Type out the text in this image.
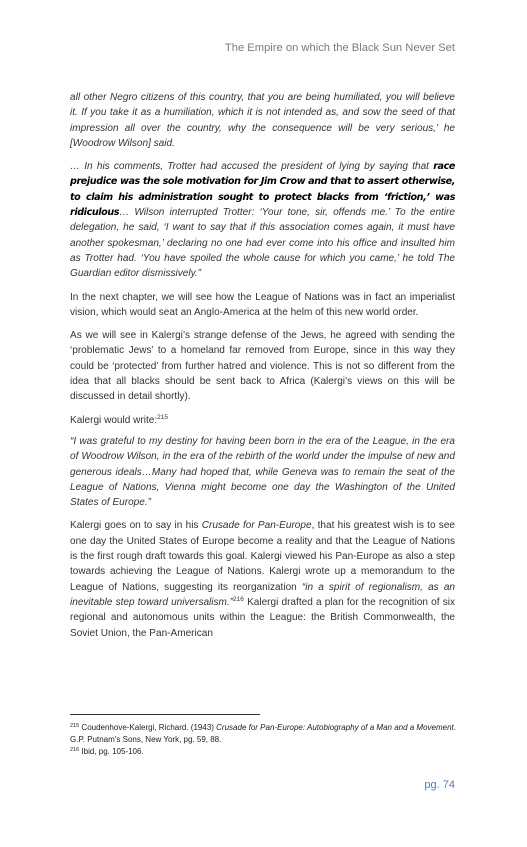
The Empire on which the Black Sun Never Set

all other Negro citizens of this country, that you are being humiliated, you will believe it. If you take it as a humiliation, which it is not intended as, and sow the seed of that impression all over the country, why the consequence will be very serious,’ he [Woodrow Wilson] said.

… In his comments, Trotter had accused the president of lying by saying that race prejudice was the sole motivation for Jim Crow and that to assert otherwise, to claim his administration sought to protect blacks from ‘friction,’ was ridiculous… Wilson interrupted Trotter: ‘Your tone, sir, offends me.’ To the entire delegation, he said, ‘I want to say that if this association comes again, it must have another spokesman,’ declaring no one had ever come into his office and insulted him as Trotter had. ‘You have spoiled the whole cause for which you came,’ he told The Guardian editor dismissively.”

In the next chapter, we will see how the League of Nations was in fact an imperialist vision, which would seat an Anglo-America at the helm of this new world order.

As we will see in Kalergi’s strange defense of the Jews, he agreed with sending the ‘problematic Jews’ to a homeland far removed from Europe, since in this way they could be ‘protected’ from further hatred and violence. This is not so different from the idea that all blacks should be sent back to Africa (Kalergi’s views on this will be discussed in detail shortly).

Kalergi would write:$^{215}$

“I was grateful to my destiny for having been born in the era of the League, in the era of Woodrow Wilson, in the era of the rebirth of the world under the impulse of new and generous ideals…Many had hoped that, while Geneva was to remain the seat of the League of Nations, Vienna might become one day the Washington of the United States of Europe.”

Kalergi goes on to say in his Crusade for Pan-Europe, that his greatest wish is to see one day the United States of Europe become a reality and that the League of Nations is the first rough draft towards this goal. Kalergi viewed his Pan-Europe as also a step towards achieving the League of Nations. Kalergi wrote up a memorandum to the League of Nations, suggesting its reorganization “in a spirit of regionalism, as an inevitable step toward universalism.”$^{216}$ Kalergi drafted a plan for the recognition of six regional and autonomous units within the League: the British Commonwealth, the Soviet Union, the Pan-American

$^{215}$ Coudenhove-Kalergi, Richard. (1943) Crusade for Pan-Europe: Autobiography of a Man and a Movement. G.P. Putnam’s Sons, New York, pg. 59, 88.

$^{216}$ Ibid, pg. 105-106.

pg. 74
